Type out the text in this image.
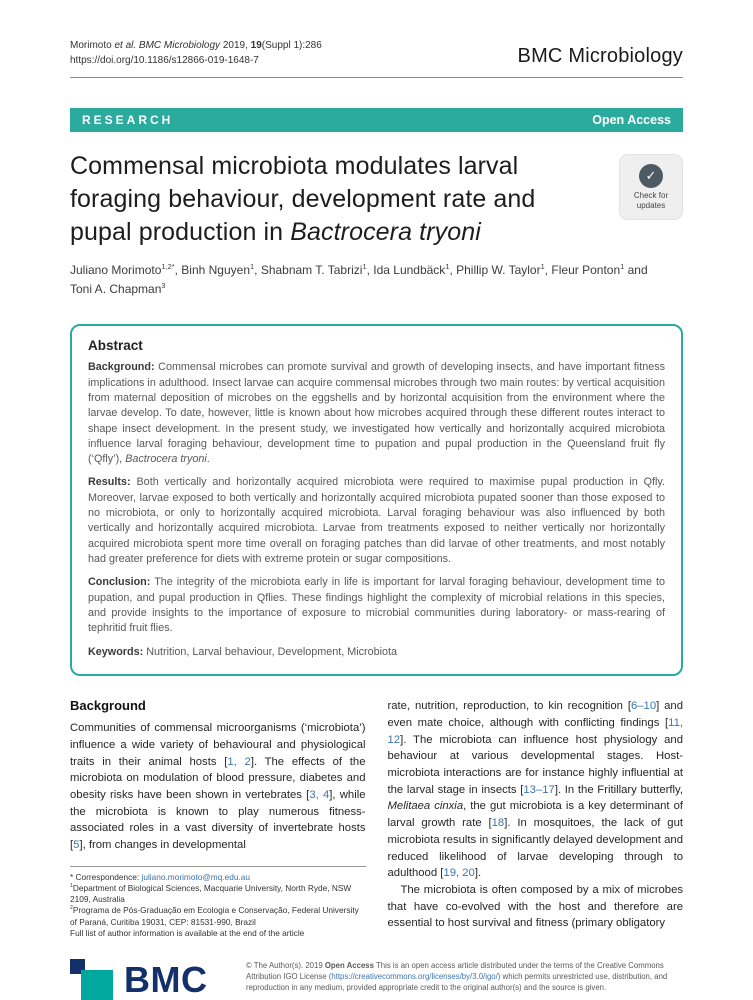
Morimoto et al. BMC Microbiology 2019, 19(Suppl 1):286
https://doi.org/10.1186/s12866-019-1648-7	BMC Microbiology
RESEARCH	Open Access
Commensal microbiota modulates larval foraging behaviour, development rate and pupal production in Bactrocera tryoni
✓
Check for updates
Juliano Morimoto$^{1,2*}$, Binh Nguyen$^1$, Shabnam T. Tabrizi$^1$, Ida Lundbäck$^1$, Phillip W. Taylor$^1$, Fleur Ponton$^1$ and Toni A. Chapman$^3$
Abstract

Background: Commensal microbes can promote survival and growth of developing insects, and have important fitness implications in adulthood. Insect larvae can acquire commensal microbes through two main routes: by vertical acquisition from maternal deposition of microbes on the eggshells and by horizontal acquisition from the environment where the larvae develop. To date, however, little is known about how microbes acquired through these different routes interact to shape insect development. In the present study, we investigated how vertically and horizontally acquired microbiota influence larval foraging behaviour, development time to pupation and pupal production in the Queensland fruit fly (‘Qfly’), Bactrocera tryoni.

Results: Both vertically and horizontally acquired microbiota were required to maximise pupal production in Qfly. Moreover, larvae exposed to both vertically and horizontally acquired microbiota pupated sooner than those exposed to no microbiota, or only to horizontally acquired microbiota. Larval foraging behaviour was also influenced by both vertically and horizontally acquired microbiota. Larvae from treatments exposed to neither vertically nor horizontally acquired microbiota spent more time overall on foraging patches than did larvae of other treatments, and most notably had greater preference for diets with extreme protein or sugar compositions.

Conclusion: The integrity of the microbiota early in life is important for larval foraging behaviour, development time to pupation, and pupal production in Qflies. These findings highlight the complexity of microbial relations in this species, and provide insights to the importance of exposure to microbial communities during laboratory- or mass-rearing of tephritid fruit flies.

Keywords: Nutrition, Larval behaviour, Development, Microbiota

Background

Communities of commensal microorganisms (‘microbiota’) influence a wide variety of behavioural and physiological traits in their animal hosts [1, 2]. The effects of the microbiota on modulation of blood pressure, diabetes and obesity risks have been shown in vertebrates [3, 4], while the microbiota is known to play numerous fitness-associated roles in a vast diversity of invertebrate hosts [5], from changes in developmental

* Correspondence: juliano.morimoto@mq.edu.au

$^1$Department of Biological Sciences, Macquarie University, North Ryde, NSW 2109, Australia

$^2$Programa de Pós-Graduação em Ecologia e Conservação, Federal University of Paraná, Curitiba 19031, CEP: 81531-990, Brazil

Full list of author information is available at the end of the article

rate, nutrition, reproduction, to kin recognition [6–10] and even mate choice, although with conflicting findings [11, 12]. The microbiota can influence host physiology and behaviour at various developmental stages. Host-microbiota interactions are for instance highly influential at the larval stage in insects [13–17]. In the Fritillary butterfly, Melitaea cinxia, the gut microbiota is a key determinant of larval growth rate [18]. In mosquitoes, the lack of gut microbiota results in significantly delayed development and reduced likelihood of larvae developing through to adulthood [19, 20].

The microbiota is often composed by a mix of microbes that have co-evolved with the host and therefore are essential to host survival and fitness (primary obligatory

BMC	© The Author(s). 2019 Open Access This is an open access article distributed under the terms of the Creative Commons Attribution IGO License (https://creativecommons.org/licenses/by/3.0/igo/) which permits unrestricted use, distribution, and reproduction in any medium, provided appropriate credit to the original author(s) and the source is given.
